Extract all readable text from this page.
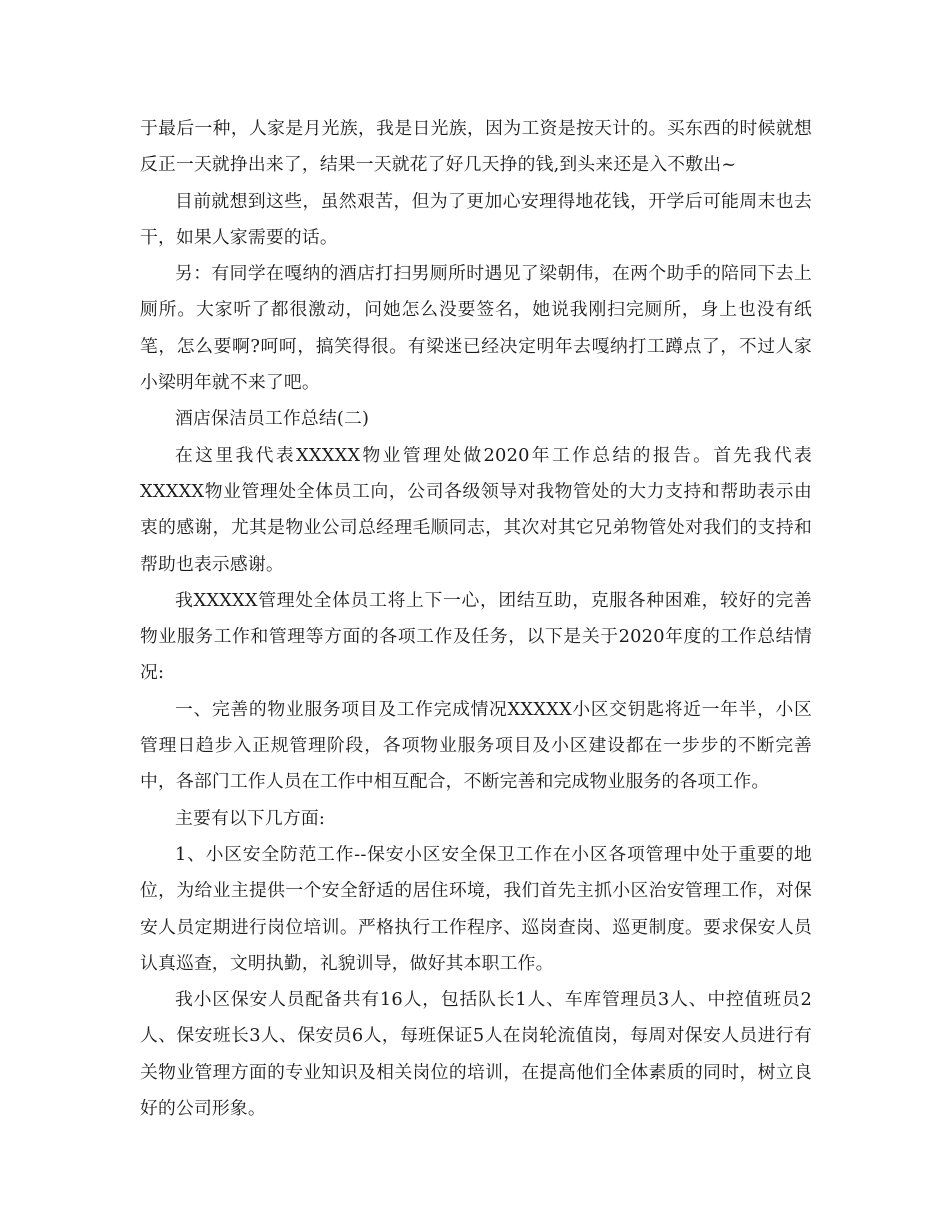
于最后一种，人家是月光族，我是日光族，因为工资是按天计的。买东西的时候就想反正一天就挣出来了，结果一天就花了好几天挣的钱,到头来还是入不敷出~

目前就想到这些，虽然艰苦，但为了更加心安理得地花钱，开学后可能周末也去干，如果人家需要的话。

另：有同学在嘎纳的酒店打扫男厕所时遇见了梁朝伟，在两个助手的陪同下去上厕所。大家听了都很激动，问她怎么没要签名，她说我刚扫完厕所，身上也没有纸笔，怎么要啊?呵呵，搞笑得很。有梁迷已经决定明年去嘎纳打工蹲点了，不过人家小梁明年就不来了吧。

酒店保洁员工作总结(二)

在这里我代表XXXXX物业管理处做2020年工作总结的报告。首先我代表XXXXX物业管理处全体员工向，公司各级领导对我物管处的大力支持和帮助表示由衷的感谢，尤其是物业公司总经理毛顺同志，其次对其它兄弟物管处对我们的支持和帮助也表示感谢。

我XXXXX管理处全体员工将上下一心，团结互助，克服各种困难，较好的完善物业服务工作和管理等方面的各项工作及任务，以下是关于2020年度的工作总结情况:

一、完善的物业服务项目及工作完成情况XXXXX小区交钥匙将近一年半，小区管理日趋步入正规管理阶段，各项物业服务项目及小区建设都在一步步的不断完善中，各部门工作人员在工作中相互配合，不断完善和完成物业服务的各项工作。

主要有以下几方面:

1、小区安全防范工作--保安小区安全保卫工作在小区各项管理中处于重要的地位，为给业主提供一个安全舒适的居住环境，我们首先主抓小区治安管理工作，对保安人员定期进行岗位培训。严格执行工作程序、巡岗查岗、巡更制度。要求保安人员认真巡查，文明执勤，礼貌训导，做好其本职工作。

我小区保安人员配备共有16人，包括队长1人、车库管理员3人、中控值班员2人、保安班长3人、保安员6人，每班保证5人在岗轮流值岗，每周对保安人员进行有关物业管理方面的专业知识及相关岗位的培训，在提高他们全体素质的同时，树立良好的公司形象。
